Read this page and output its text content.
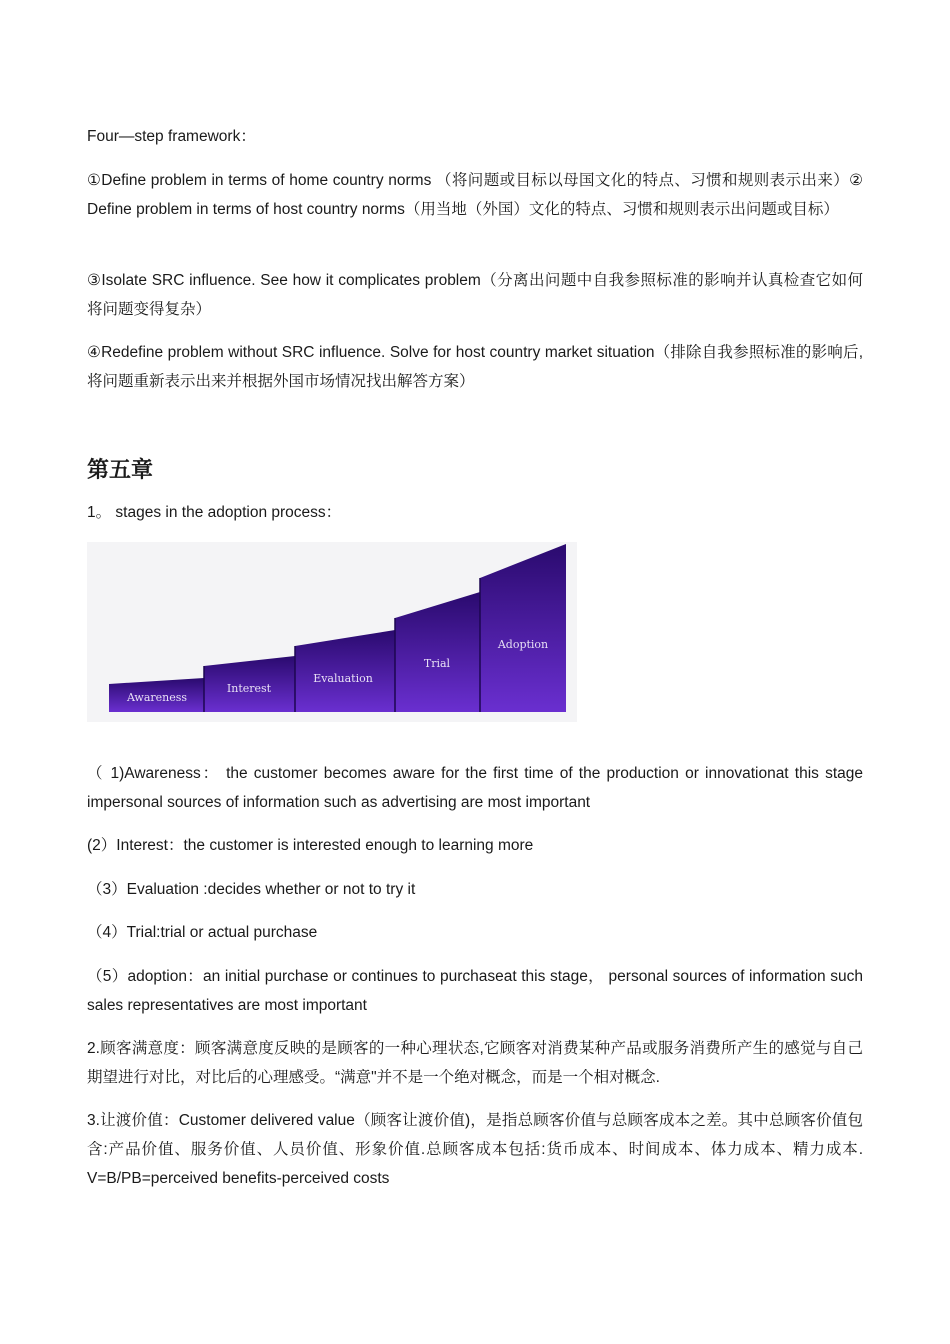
Four—step framework：

①Define problem in terms of home country norms （将问题或目标以母国文化的特点、习惯和规则表示出来）② Define problem in terms of host country norms（用当地（外国）文化的特点、习惯和规则表示出问题或目标）

③Isolate SRC influence. See how it complicates problem（分离出问题中自我参照标准的影响并认真检查它如何将问题变得复杂）

④Redefine problem without SRC influence. Solve for host country market situation（排除自我参照标准的影响后,将问题重新表示出来并根据外国市场情况找出解答方案）

第五章

1。 stages in the adoption process：

Awareness
Interest
Evaluation
Trial
Adoption

（ 1)Awareness： the customer becomes aware for the first time of the production or innovationat this stage impersonal sources of information such as advertising are most important

(2）Interest：the customer is interested enough to learning more

（3）Evaluation :decides whether or not to try it

（4）Trial:trial or actual purchase

（5）adoption：an initial purchase or continues to purchaseat this stage， personal sources of information such sales representatives are most important

2.顾客满意度：顾客满意度反映的是顾客的一种心理状态,它顾客对消费某种产品或服务消费所产生的感觉与自己期望进行对比，对比后的心理感受。“满意"并不是一个绝对概念，而是一个相对概念.

3.让渡价值：Customer delivered value（顾客让渡价值)，是指总顾客价值与总顾客成本之差。其中总顾客价值包含:产品价值、服务价值、人员价值、形象价值.总顾客成本包括:货币成本、时间成本、体力成本、精力成本. V=B/PB=perceived benefits-perceived costs
